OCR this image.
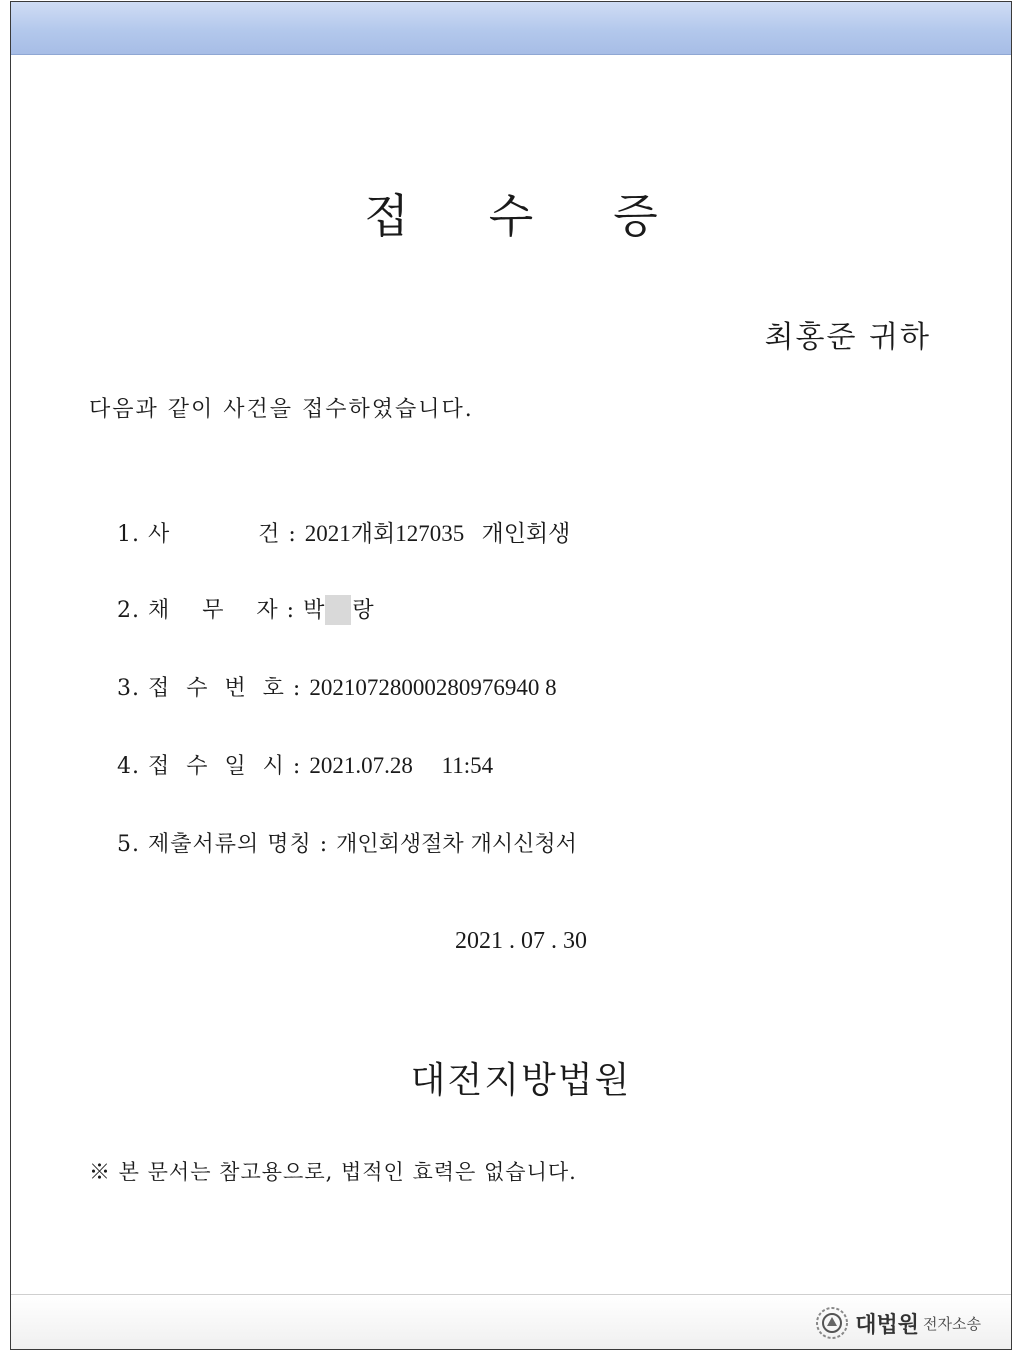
접 수 증
최홍준 귀하
다음과 같이 사건을 접수하였습니다.

1. 사           건 : 2021개회127035   개인회생

2. 채    무    자 : 박 랑

3. 접  수  번  호 : 20210728000280976940 8

4. 접  수  일  시 : 2021.07.28     11:54

5. 제출서류의 명칭 : 개인회생절차 개시신청서

2021 . 07 . 30
대전지방법원
※ 본 문서는 참고용으로, 법적인 효력은 없습니다.
대법원 전자소송
